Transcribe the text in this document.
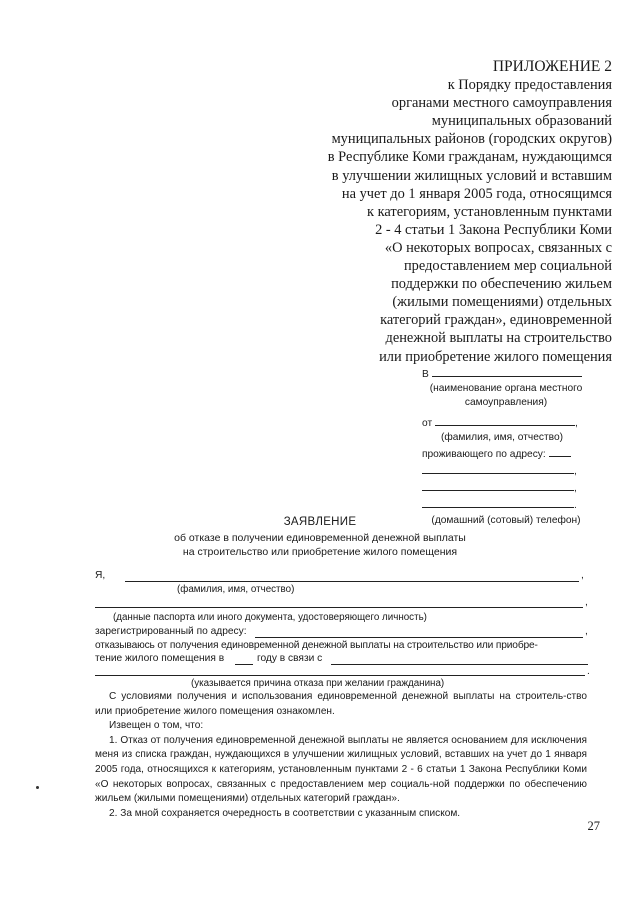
ПРИЛОЖЕНИЕ 2
к Порядку предоставления
органами местного самоуправления
муниципальных образований
муниципальных районов (городских округов)
в Республике Коми гражданам, нуждающимся
в улучшении жилищных условий и вставшим
на учет до 1 января 2005 года, относящимся
к категориям, установленным пунктами
2 - 4 статьи 1 Закона Республики Коми
«О некоторых вопросах, связанных с
предоставлением мер социальной
поддержки по обеспечению жильем
(жилыми помещениями) отдельных
категорий граждан», единовременной
денежной выплаты на строительство
или приобретение жилого помещения
В
(наименование органа местного самоуправления)
от	,
(фамилия, имя, отчество)
проживающего по адресу:
,
,
.
(домашний (сотовый) телефон)
ЗАЯВЛЕНИЕ
об отказе в получении единовременной денежной выплаты
на строительство или приобретение жилого помещения
Я,	,
(фамилия, имя, отчество)
,
(данные паспорта или иного документа, удостоверяющего личность)
зарегистрированный по адресу:	,
отказываюсь от получения единовременной денежной выплаты на строительство или приобре-
тение жилого помещения в	году в связи с
.
(указывается причина отказа при желании гражданина)

С условиями получения и использования единовременной денежной выплаты на строитель-ство или приобретение жилого помещения ознакомлен.

Извещен о том, что:

1. Отказ от получения единовременной денежной выплаты не является основанием для исключения меня из списка граждан, нуждающихся в улучшении жилищных условий, вставших на учет до 1 января 2005 года, относящихся к категориям, установленным пунктами 2 - 6 статьи 1 Закона Республики Коми «О некоторых вопросах, связанных с предоставлением мер социаль-ной поддержки по обеспечению жильем (жилыми помещениями) отдельных категорий граждан».

2. За мной сохраняется очередность в соответствии с указанным списком.

27
